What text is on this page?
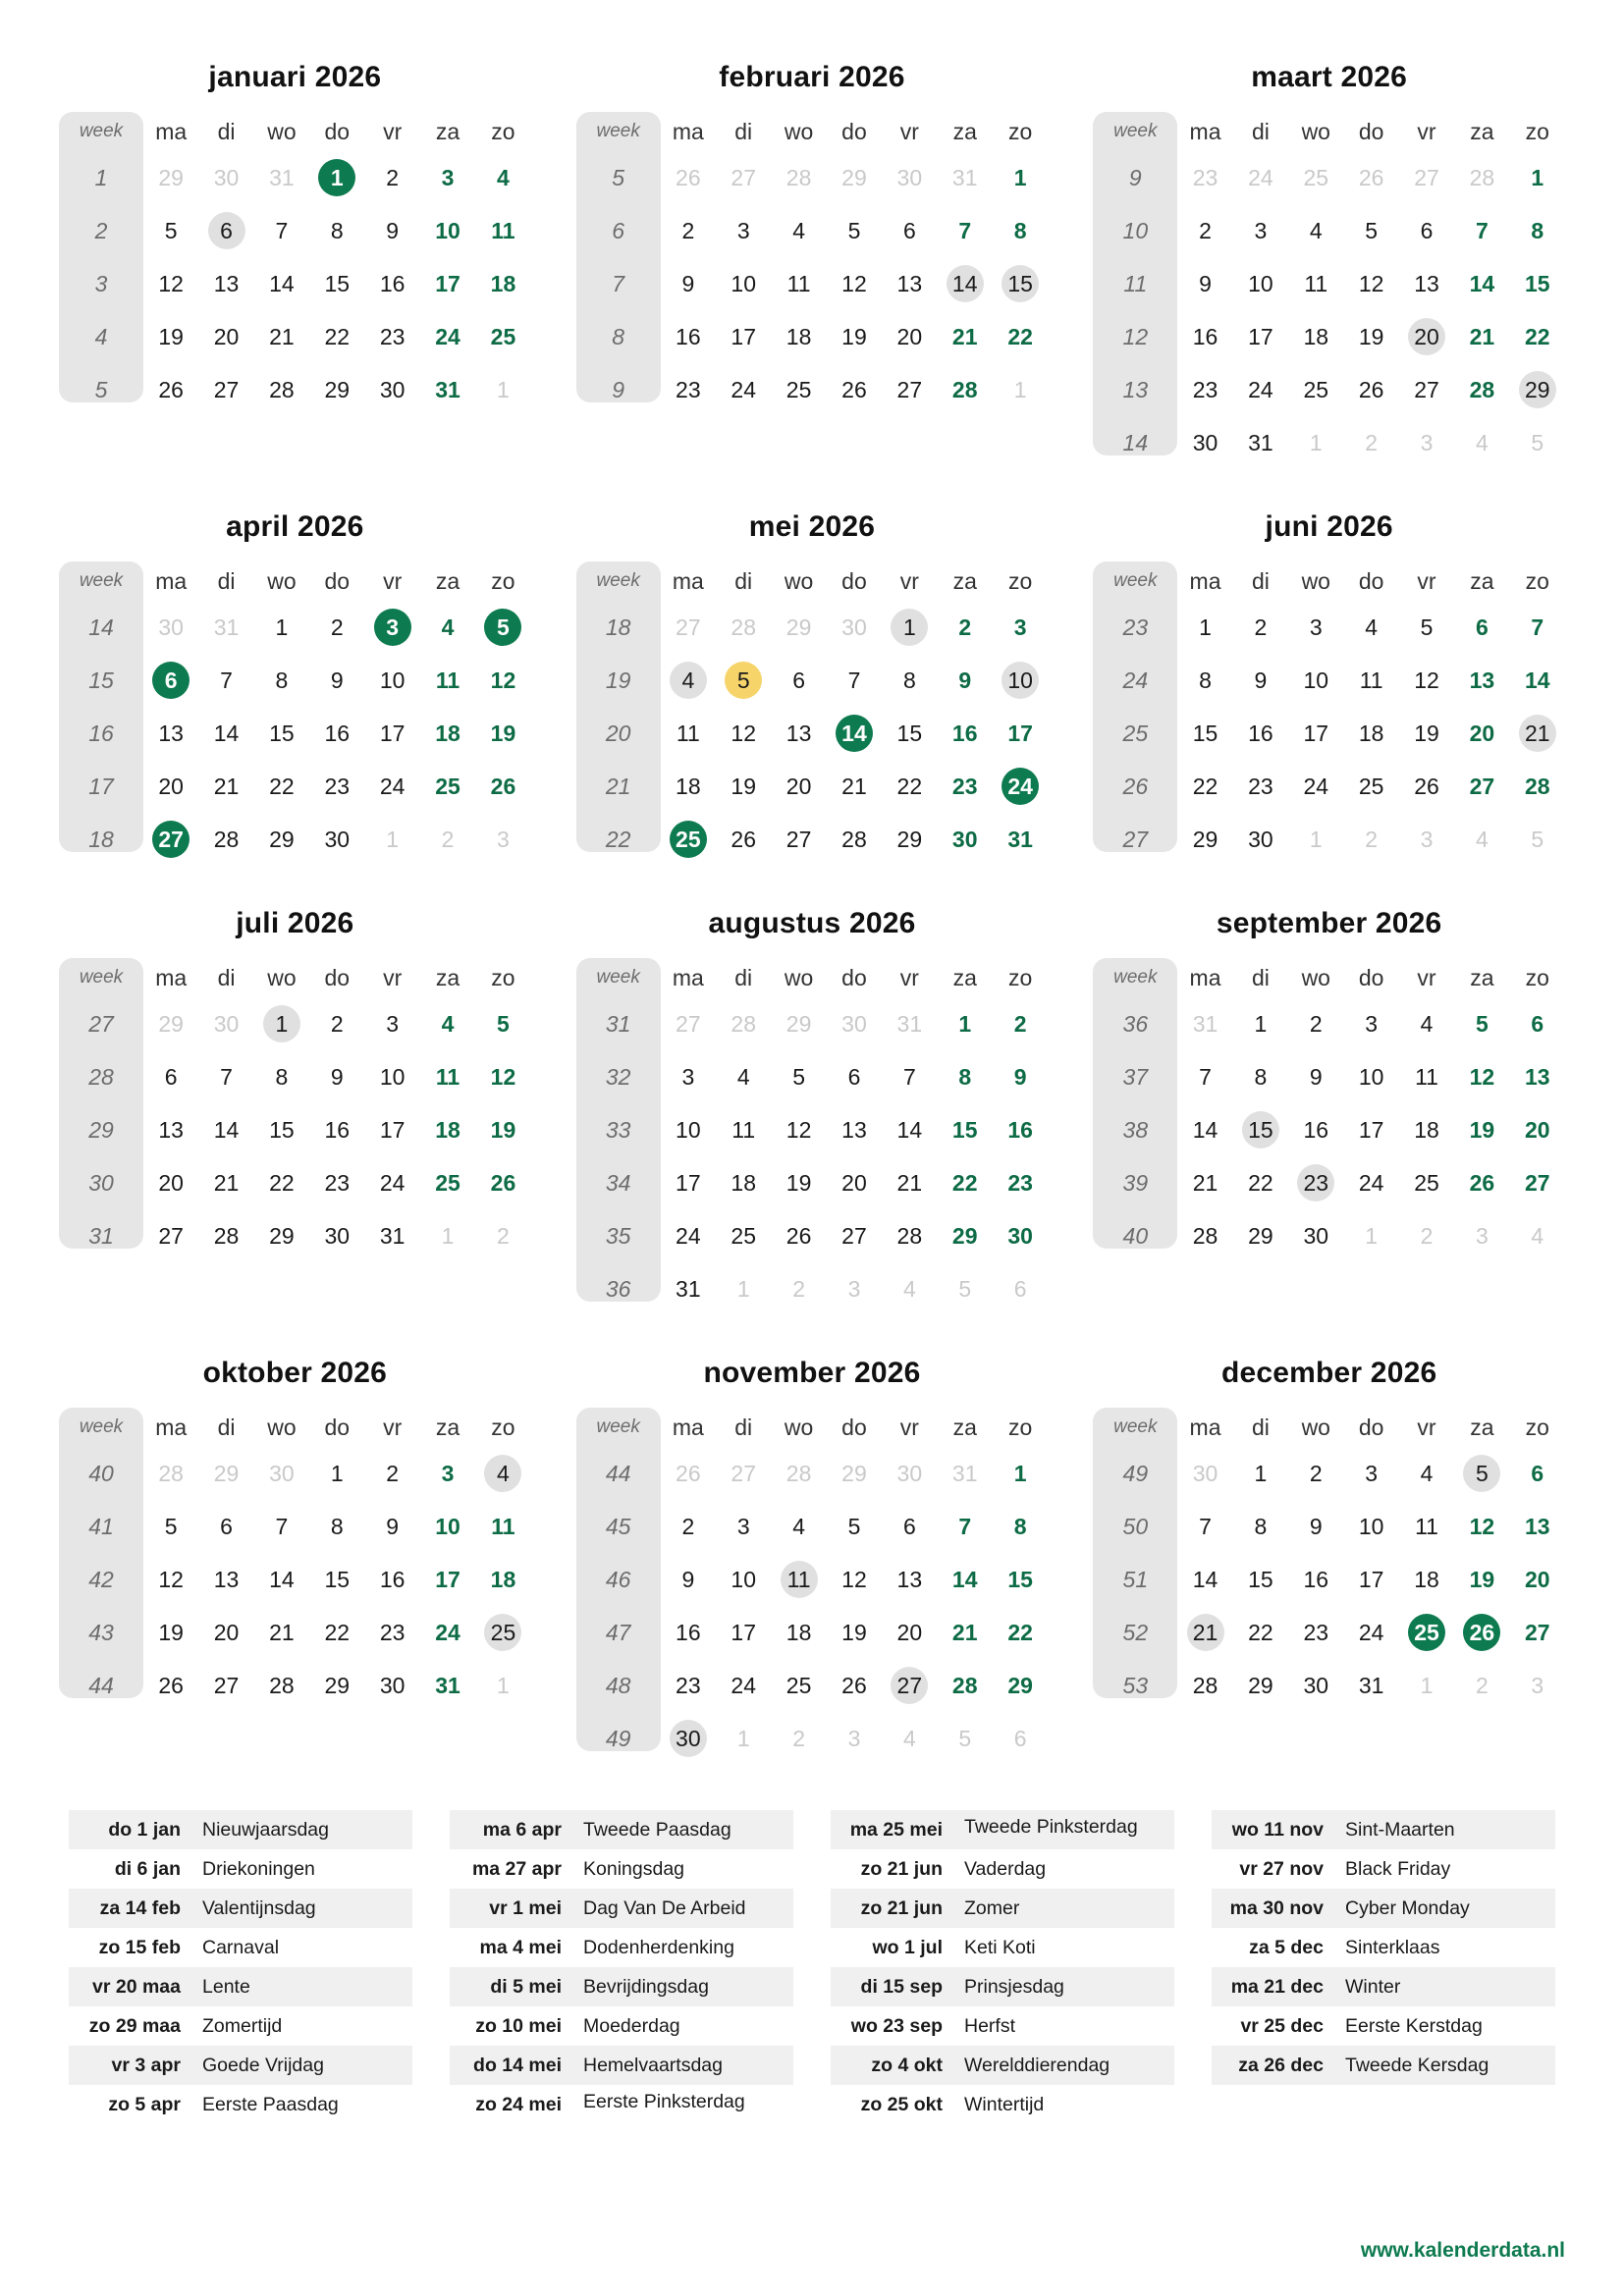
januari 2026
week	ma	di	wo	do	vr	za	zo
1	29	30	31	1	2	3	4
2	5	6	7	8	9	10	11
3	12	13	14	15	16	17	18
4	19	20	21	22	23	24	25
5	26	27	28	29	30	31	1
februari 2026
week	ma	di	wo	do	vr	za	zo
5	26	27	28	29	30	31	1
6	2	3	4	5	6	7	8
7	9	10	11	12	13	14	15
8	16	17	18	19	20	21	22
9	23	24	25	26	27	28	1
maart 2026
week	ma	di	wo	do	vr	za	zo
9	23	24	25	26	27	28	1
10	2	3	4	5	6	7	8
11	9	10	11	12	13	14	15
12	16	17	18	19	20	21	22
13	23	24	25	26	27	28	29
14	30	31	1	2	3	4	5
april 2026
week	ma	di	wo	do	vr	za	zo
14	30	31	1	2	3	4	5
15	6	7	8	9	10	11	12
16	13	14	15	16	17	18	19
17	20	21	22	23	24	25	26
18	27	28	29	30	1	2	3
mei 2026
week	ma	di	wo	do	vr	za	zo
18	27	28	29	30	1	2	3
19	4	5	6	7	8	9	10
20	11	12	13	14	15	16	17
21	18	19	20	21	22	23	24
22	25	26	27	28	29	30	31
juni 2026
week	ma	di	wo	do	vr	za	zo
23	1	2	3	4	5	6	7
24	8	9	10	11	12	13	14
25	15	16	17	18	19	20	21
26	22	23	24	25	26	27	28
27	29	30	1	2	3	4	5
juli 2026
week	ma	di	wo	do	vr	za	zo
27	29	30	1	2	3	4	5
28	6	7	8	9	10	11	12
29	13	14	15	16	17	18	19
30	20	21	22	23	24	25	26
31	27	28	29	30	31	1	2
augustus 2026
week	ma	di	wo	do	vr	za	zo
31	27	28	29	30	31	1	2
32	3	4	5	6	7	8	9
33	10	11	12	13	14	15	16
34	17	18	19	20	21	22	23
35	24	25	26	27	28	29	30
36	31	1	2	3	4	5	6
september 2026
week	ma	di	wo	do	vr	za	zo
36	31	1	2	3	4	5	6
37	7	8	9	10	11	12	13
38	14	15	16	17	18	19	20
39	21	22	23	24	25	26	27
40	28	29	30	1	2	3	4
oktober 2026
week	ma	di	wo	do	vr	za	zo
40	28	29	30	1	2	3	4
41	5	6	7	8	9	10	11
42	12	13	14	15	16	17	18
43	19	20	21	22	23	24	25
44	26	27	28	29	30	31	1
november 2026
week	ma	di	wo	do	vr	za	zo
44	26	27	28	29	30	31	1
45	2	3	4	5	6	7	8
46	9	10	11	12	13	14	15
47	16	17	18	19	20	21	22
48	23	24	25	26	27	28	29
49	30	1	2	3	4	5	6
december 2026
week	ma	di	wo	do	vr	za	zo
49	30	1	2	3	4	5	6
50	7	8	9	10	11	12	13
51	14	15	16	17	18	19	20
52	21	22	23	24	25	26	27
53	28	29	30	31	1	2	3
do 1 jan	Nieuwjaarsdag
di 6 jan	Driekoningen
za 14 feb	Valentijnsdag
zo 15 feb	Carnaval
vr 20 maa	Lente
zo 29 maa	Zomertijd
vr 3 apr	Goede Vrijdag
zo 5 apr	Eerste Paasdag
ma 6 apr	Tweede Paasdag
ma 27 apr	Koningsdag
vr 1 mei	Dag Van De Arbeid
ma 4 mei	Dodenherdenking
di 5 mei	Bevrijdingsdag
zo 10 mei	Moederdag
do 14 mei	Hemelvaartsdag
zo 24 mei	Eerste Pinksterdag
ma 25 mei	Tweede Pinksterdag
zo 21 jun	Vaderdag
zo 21 jun	Zomer
wo 1 jul	Keti Koti
di 15 sep	Prinsjesdag
wo 23 sep	Herfst
zo 4 okt	Werelddierendag
zo 25 okt	Wintertijd
wo 11 nov	Sint-Maarten
vr 27 nov	Black Friday
ma 30 nov	Cyber Monday
za 5 dec	Sinterklaas
ma 21 dec	Winter
vr 25 dec	Eerste Kerstdag
za 26 dec	Tweede Kersdag
www.kalenderdata.nl
